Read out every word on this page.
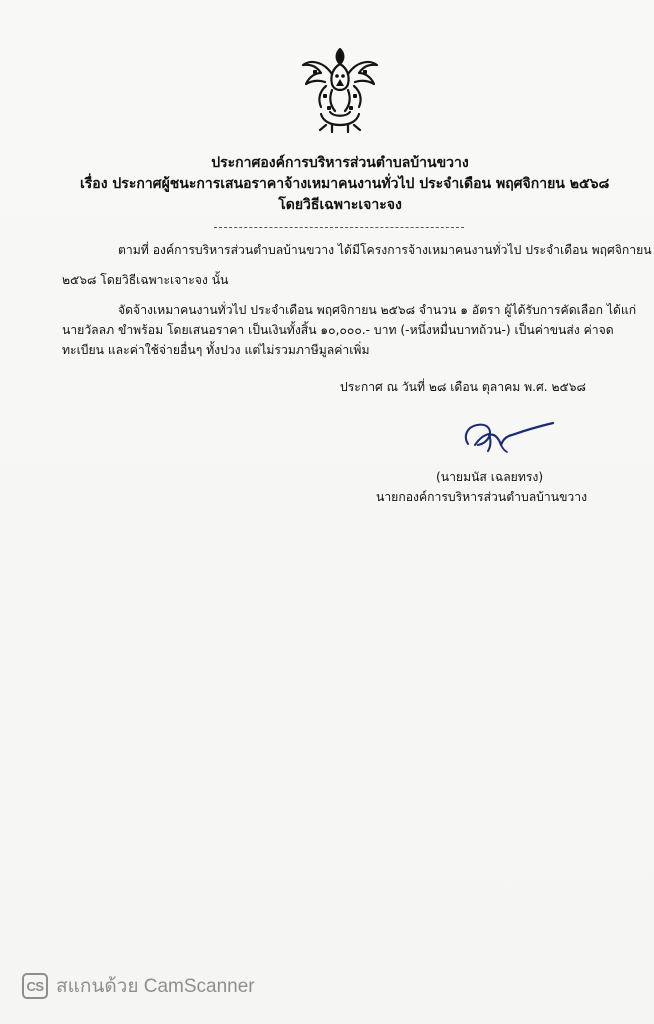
ประกาศองค์การบริหารส่วนตำบลบ้านขวาง
เรื่อง ประกาศผู้ชนะการเสนอราคาจ้างเหมาคนงานทั่วไป ประจำเดือน พฤศจิกายน ๒๕๖๘
โดยวิธีเฉพาะเจาะจง
ตามที่ องค์การบริหารส่วนตำบลบ้านขวาง ได้มีโครงการจ้างเหมาคนงานทั่วไป ประจำเดือน พฤศจิกายน
๒๕๖๘ โดยวิธีเฉพาะเจาะจง นั้น
จัดจ้างเหมาคนงานทั่วไป ประจำเดือน พฤศจิกายน ๒๕๖๘ จำนวน ๑ อัตรา ผู้ได้รับการคัดเลือก ได้แก่
นายวัลลภ ขำพร้อม โดยเสนอราคา เป็นเงินทั้งสิ้น ๑๐,๐๐๐.- บาท (-หนึ่งหมื่นบาทถ้วน-) เป็นค่าขนส่ง ค่าจด
ทะเบียน และค่าใช้จ่ายอื่นๆ ทั้งปวง แต่ไม่รวมภาษีมูลค่าเพิ่ม
ประกาศ ณ วันที่ ๒๘ เดือน ตุลาคม พ.ศ. ๒๕๖๘
(นายมนัส เฉลยทรง)
นายกองค์การบริหารส่วนตำบลบ้านขวาง
CS สแกนด้วย CamScanner
